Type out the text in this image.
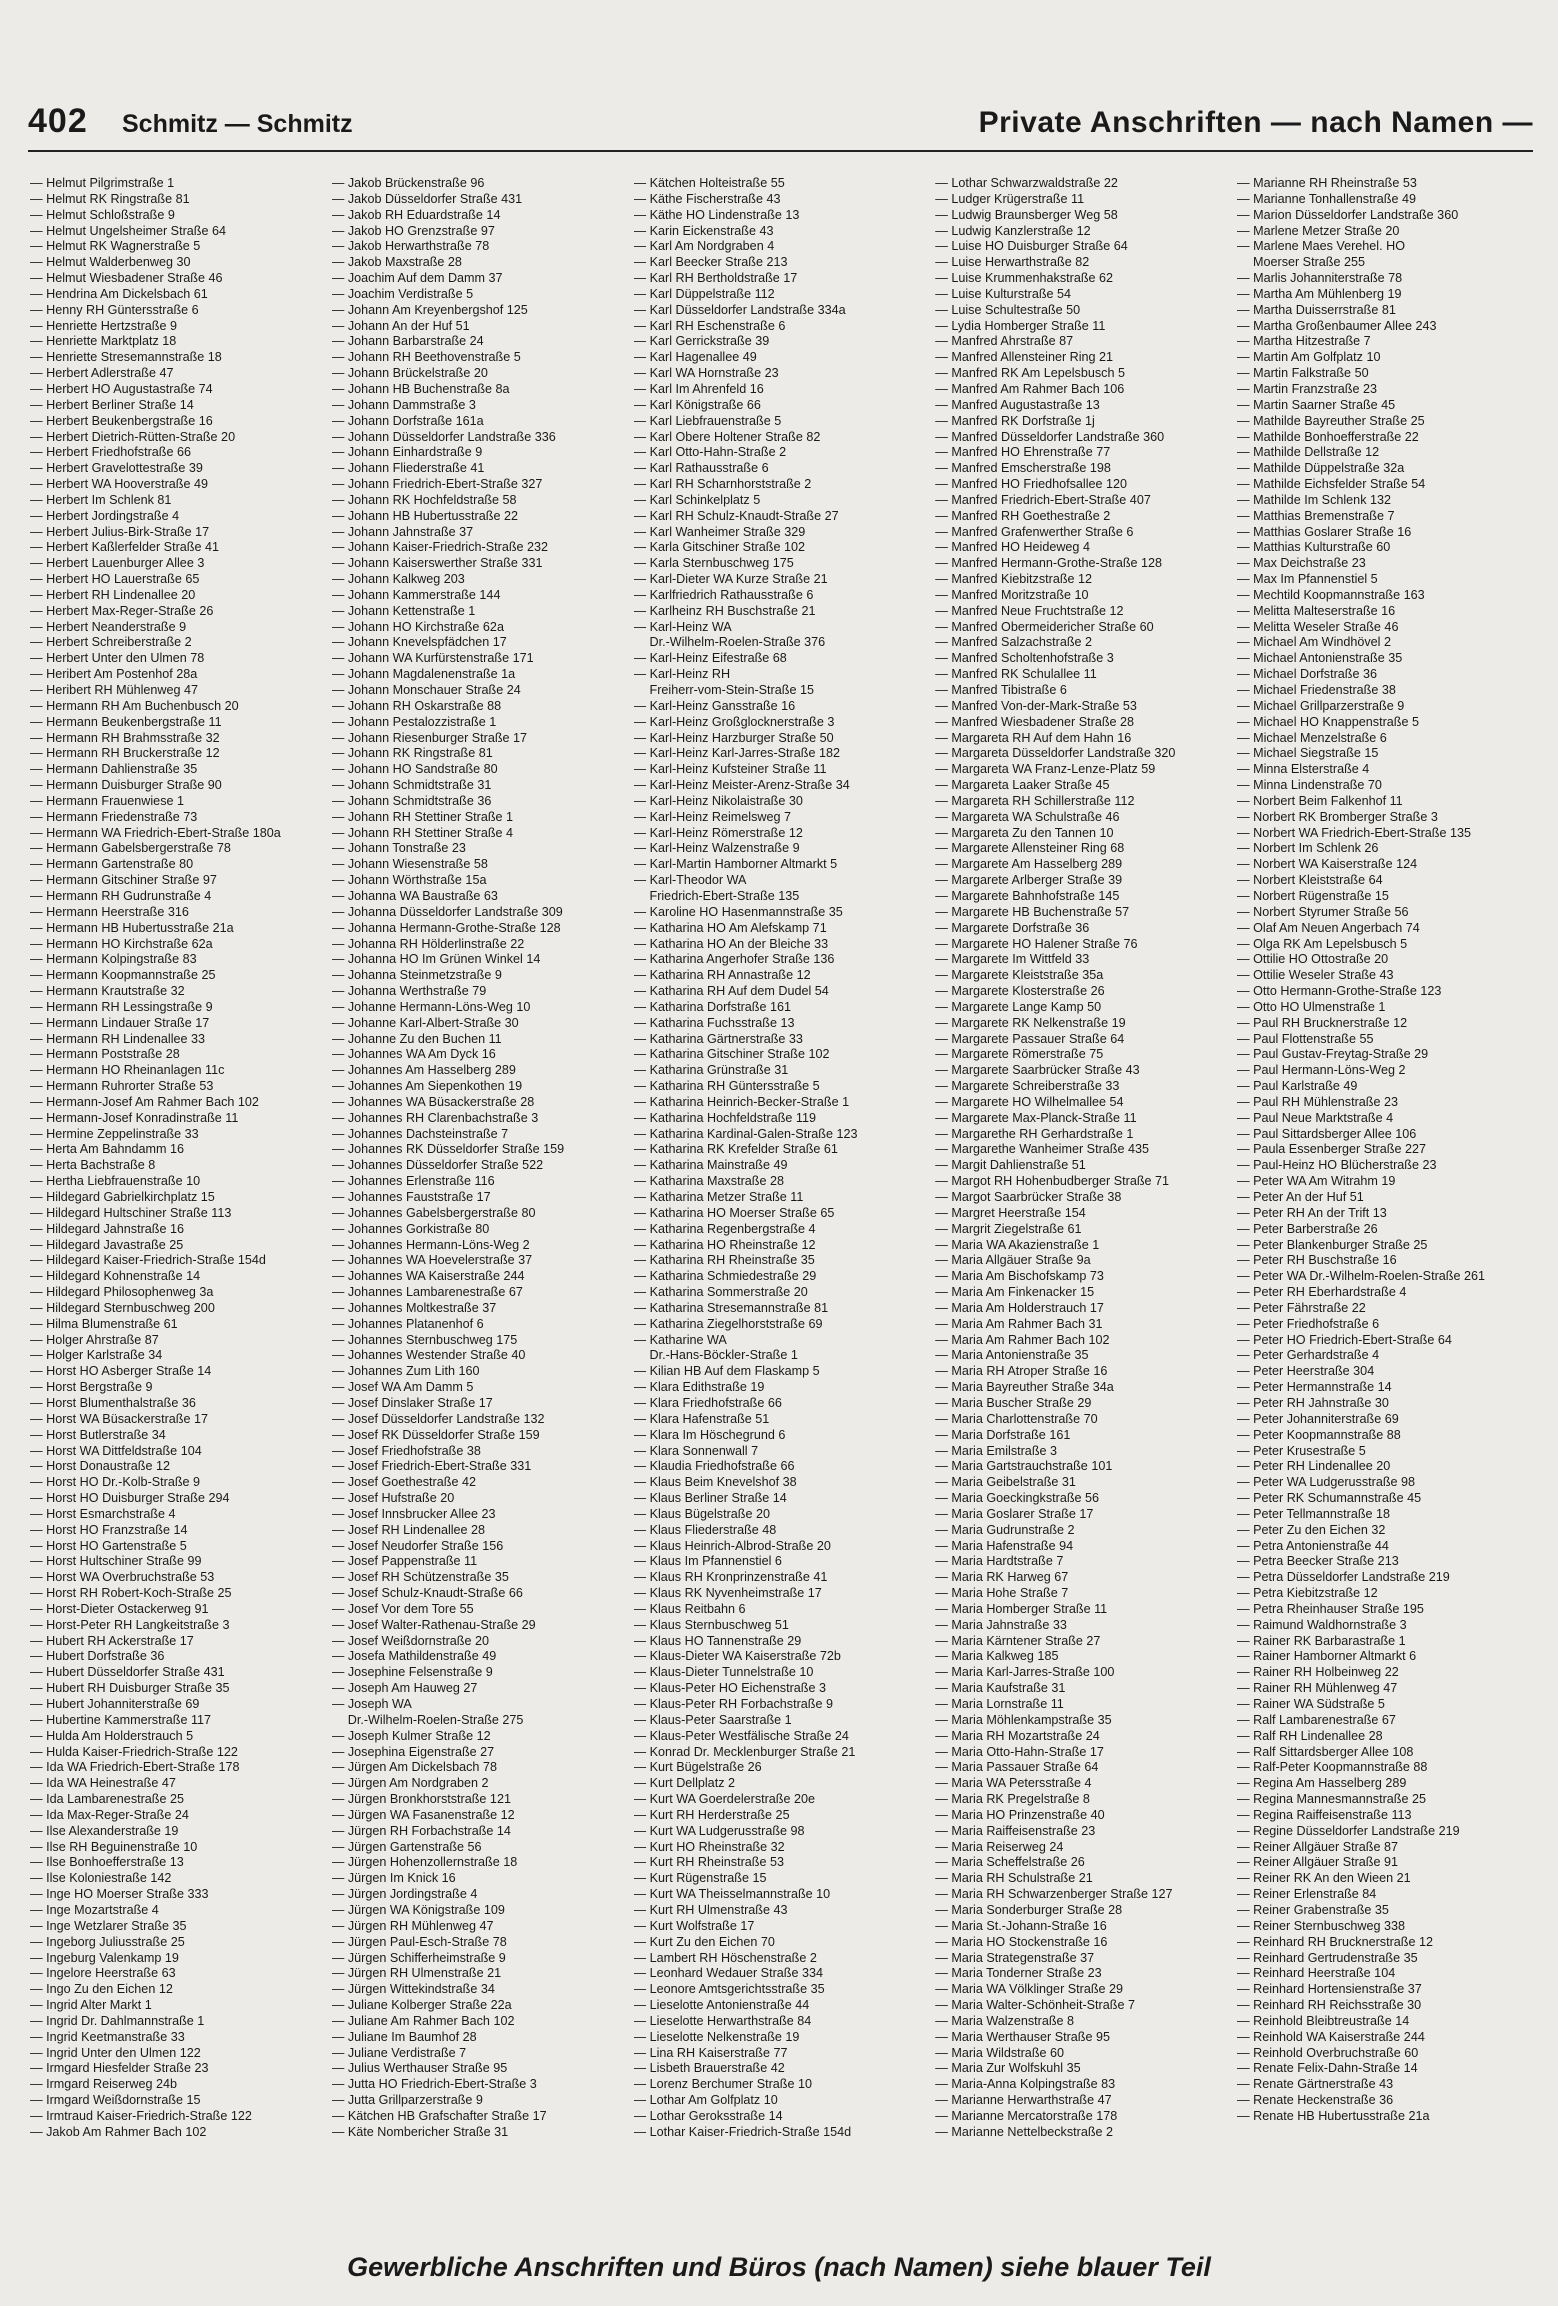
402 Schmitz — Schmitz	Private Anschriften — nach Namen —
— Helmut Pilgrimstraße 1
— Helmut RK Ringstraße 81
— Helmut Schloßstraße 9
— Helmut Ungelsheimer Straße 64
— Helmut RK Wagnerstraße 5
— Helmut Walderbenweg 30
— Helmut Wiesbadener Straße 46
— Hendrina Am Dickelsbach 61
— Henny RH Güntersstraße 6
— Henriette Hertzstraße 9
— Henriette Marktplatz 18
— Henriette Stresemannstraße 18
— Herbert Adlerstraße 47
— Herbert HO Augustastraße 74
— Herbert Berliner Straße 14
— Herbert Beukenbergstraße 16
— Herbert Dietrich-Rütten-Straße 20
— Herbert Friedhofstraße 66
— Herbert Gravelottestraße 39
— Herbert WA Hooverstraße 49
— Herbert Im Schlenk 81
— Herbert Jordingstraße 4
— Herbert Julius-Birk-Straße 17
— Herbert Kaßlerfelder Straße 41
— Herbert Lauenburger Allee 3
— Herbert HO Lauerstraße 65
— Herbert RH Lindenallee 20
— Herbert Max-Reger-Straße 26
— Herbert Neanderstraße 9
— Herbert Schreiberstraße 2
— Herbert Unter den Ulmen 78
— Heribert Am Postenhof 28a
— Heribert RH Mühlenweg 47
— Hermann RH Am Buchenbusch 20
— Hermann Beukenbergstraße 11
— Hermann RH Brahmsstraße 32
— Hermann RH Bruckerstraße 12
— Hermann Dahlienstraße 35
— Hermann Duisburger Straße 90
— Hermann Frauenwiese 1
— Hermann Friedenstraße 73
— Hermann WA Friedrich-Ebert-Straße 180a
— Hermann Gabelsbergerstraße 78
— Hermann Gartenstraße 80
— Hermann Gitschiner Straße 97
— Hermann RH Gudrunstraße 4
— Hermann Heerstraße 316
— Hermann HB Hubertusstraße 21a
— Hermann HO Kirchstraße 62a
— Hermann Kolpingstraße 83
— Hermann Koopmannstraße 25
— Hermann Krautstraße 32
— Hermann RH Lessingstraße 9
— Hermann Lindauer Straße 17
— Hermann RH Lindenallee 33
— Hermann Poststraße 28
— Hermann HO Rheinanlagen 11c
— Hermann Ruhrorter Straße 53
— Hermann-Josef Am Rahmer Bach 102
— Hermann-Josef Konradinstraße 11
— Hermine Zeppelinstraße 33
— Herta Am Bahndamm 16
— Herta Bachstraße 8
— Hertha Liebfrauenstraße 10
— Hildegard Gabrielkirchplatz 15
— Hildegard Hultschiner Straße 113
— Hildegard Jahnstraße 16
— Hildegard Javastraße 25
— Hildegard Kaiser-Friedrich-Straße 154d
— Hildegard Kohnenstraße 14
— Hildegard Philosophenweg 3a
— Hildegard Sternbuschweg 200
— Hilma Blumenstraße 61
— Holger Ahrstraße 87
— Holger Karlstraße 34
— Horst HO Asberger Straße 14
— Horst Bergstraße 9
— Horst Blumenthalstraße 36
— Horst WA Büsackerstraße 17
— Horst Butlerstraße 34
— Horst WA Dittfeldstraße 104
— Horst Donaustraße 12
— Horst HO Dr.-Kolb-Straße 9
— Horst HO Duisburger Straße 294
— Horst Esmarchstraße 4
— Horst HO Franzstraße 14
— Horst HO Gartenstraße 5
— Horst Hultschiner Straße 99
— Horst WA Overbruchstraße 53
— Horst RH Robert-Koch-Straße 25
— Horst-Dieter Ostackerweg 91
— Horst-Peter RH Langkeitstraße 3
— Hubert RH Ackerstraße 17
— Hubert Dorfstraße 36
— Hubert Düsseldorfer Straße 431
— Hubert RH Duisburger Straße 35
— Hubert Johanniterstraße 69
— Hubertine Kammerstraße 117
— Hulda Am Holderstrauch 5
— Hulda Kaiser-Friedrich-Straße 122
— Ida WA Friedrich-Ebert-Straße 178
— Ida WA Heinestraße 47
— Ida Lambarenestraße 25
— Ida Max-Reger-Straße 24
— Ilse Alexanderstraße 19
— Ilse RH Beguinenstraße 10
— Ilse Bonhoefferstraße 13
— Ilse Koloniestraße 142
— Inge HO Moerser Straße 333
— Inge Mozartstraße 4
— Inge Wetzlarer Straße 35
— Ingeborg Juliusstraße 25
— Ingeburg Valenkamp 19
— Ingelore Heerstraße 63
— Ingo Zu den Eichen 12
— Ingrid Alter Markt 1
— Ingrid Dr. Dahlmannstraße 1
— Ingrid Keetmanstraße 33
— Ingrid Unter den Ulmen 122
— Irmgard Hiesfelder Straße 23
— Irmgard Reiserweg 24b
— Irmgard Weißdornstraße 15
— Irmtraud Kaiser-Friedrich-Straße 122
— Jakob Am Rahmer Bach 102
— Jakob Brückenstraße 96
— Jakob Düsseldorfer Straße 431
— Jakob RH Eduardstraße 14
— Jakob HO Grenzstraße 97
— Jakob Herwarthstraße 78
— Jakob Maxstraße 28
— Joachim Auf dem Damm 37
— Joachim Verdistraße 5
— Johann Am Kreyenbergshof 125
— Johann An der Huf 51
— Johann Barbarstraße 24
— Johann RH Beethovenstraße 5
— Johann Brückelstraße 20
— Johann HB Buchenstraße 8a
— Johann Dammstraße 3
— Johann Dorfstraße 161a
— Johann Düsseldorfer Landstraße 336
— Johann Einhardstraße 9
— Johann Fliederstraße 41
— Johann Friedrich-Ebert-Straße 327
— Johann RK Hochfeldstraße 58
— Johann HB Hubertusstraße 22
— Johann Jahnstraße 37
— Johann Kaiser-Friedrich-Straße 232
— Johann Kaiserswerther Straße 331
— Johann Kalkweg 203
— Johann Kammerstraße 144
— Johann Kettenstraße 1
— Johann HO Kirchstraße 62a
— Johann Knevelspfädchen 17
— Johann WA Kurfürstenstraße 171
— Johann Magdalenenstraße 1a
— Johann Monschauer Straße 24
— Johann RH Oskarstraße 88
— Johann Pestalozzistraße 1
— Johann Riesenburger Straße 17
— Johann RK Ringstraße 81
— Johann HO Sandstraße 80
— Johann Schmidtstraße 31
— Johann Schmidtstraße 36
— Johann RH Stettiner Straße 1
— Johann RH Stettiner Straße 4
— Johann Tonstraße 23
— Johann Wiesenstraße 58
— Johann Wörthstraße 15a
— Johanna WA Baustraße 63
— Johanna Düsseldorfer Landstraße 309
— Johanna Hermann-Grothe-Straße 128
— Johanna RH Hölderlinstraße 22
— Johanna HO Im Grünen Winkel 14
— Johanna Steinmetzstraße 9
— Johanna Werthstraße 79
— Johanne Hermann-Löns-Weg 10
— Johanne Karl-Albert-Straße 30
— Johanne Zu den Buchen 11
— Johannes WA Am Dyck 16
— Johannes Am Hasselberg 289
— Johannes Am Siepenkothen 19
— Johannes WA Büsackerstraße 28
— Johannes RH Clarenbachstraße 3
— Johannes Dachsteinstraße 7
— Johannes RK Düsseldorfer Straße 159
— Johannes Düsseldorfer Straße 522
— Johannes Erlenstraße 116
— Johannes Fauststraße 17
— Johannes Gabelsbergerstraße 80
— Johannes Gorkistraße 80
— Johannes Hermann-Löns-Weg 2
— Johannes WA Hoevelerstraße 37
— Johannes WA Kaiserstraße 244
— Johannes Lambarenestraße 67
— Johannes Moltkestraße 37
— Johannes Platanenhof 6
— Johannes Sternbuschweg 175
— Johannes Westender Straße 40
— Johannes Zum Lith 160
— Josef WA Am Damm 5
— Josef Dinslaker Straße 17
— Josef Düsseldorfer Landstraße 132
— Josef RK Düsseldorfer Straße 159
— Josef Friedhofstraße 38
— Josef Friedrich-Ebert-Straße 331
— Josef Goethestraße 42
— Josef Hufstraße 20
— Josef Innsbrucker Allee 23
— Josef RH Lindenallee 28
— Josef Neudorfer Straße 156
— Josef Pappenstraße 11
— Josef RH Schützenstraße 35
— Josef Schulz-Knaudt-Straße 66
— Josef Vor dem Tore 55
— Josef Walter-Rathenau-Straße 29
— Josef Weißdornstraße 20
— Josefa Mathildenstraße 49
— Josephine Felsenstraße 9
— Joseph Am Hauweg 27
— Joseph WA
Dr.-Wilhelm-Roelen-Straße 275
— Joseph Kulmer Straße 12
— Josephina Eigenstraße 27
— Jürgen Am Dickelsbach 78
— Jürgen Am Nordgraben 2
— Jürgen Bronkhorststraße 121
— Jürgen WA Fasanenstraße 12
— Jürgen RH Forbachstraße 14
— Jürgen Gartenstraße 56
— Jürgen Hohenzollernstraße 18
— Jürgen Im Knick 16
— Jürgen Jordingstraße 4
— Jürgen WA Königstraße 109
— Jürgen RH Mühlenweg 47
— Jürgen Paul-Esch-Straße 78
— Jürgen Schifferheimstraße 9
— Jürgen RH Ulmenstraße 21
— Jürgen Wittekindstraße 34
— Juliane Kolberger Straße 22a
— Juliane Am Rahmer Bach 102
— Juliane Im Baumhof 28
— Juliane Verdistraße 7
— Julius Werthauser Straße 95
— Jutta HO Friedrich-Ebert-Straße 3
— Jutta Grillparzerstraße 9
— Kätchen HB Grafschafter Straße 17
— Käte Nombericher Straße 31
— Kätchen Holteistraße 55
— Käthe Fischerstraße 43
— Käthe HO Lindenstraße 13
— Karin Eickenstraße 43
— Karl Am Nordgraben 4
— Karl Beecker Straße 213
— Karl RH Bertholdstraße 17
— Karl Düppelstraße 112
— Karl Düsseldorfer Landstraße 334a
— Karl RH Eschenstraße 6
— Karl Gerrickstraße 39
— Karl Hagenallee 49
— Karl WA Hornstraße 23
— Karl Im Ahrenfeld 16
— Karl Königstraße 66
— Karl Liebfrauenstraße 5
— Karl Obere Holtener Straße 82
— Karl Otto-Hahn-Straße 2
— Karl Rathausstraße 6
— Karl RH Scharnhorststraße 2
— Karl Schinkelplatz 5
— Karl RH Schulz-Knaudt-Straße 27
— Karl Wanheimer Straße 329
— Karla Gitschiner Straße 102
— Karla Sternbuschweg 175
— Karl-Dieter WA Kurze Straße 21
— Karlfriedrich Rathausstraße 6
— Karlheinz RH Buschstraße 21
— Karl-Heinz WA
Dr.-Wilhelm-Roelen-Straße 376
— Karl-Heinz Eifestraße 68
— Karl-Heinz RH
Freiherr-vom-Stein-Straße 15
— Karl-Heinz Gansstraße 16
— Karl-Heinz Großglocknerstraße 3
— Karl-Heinz Harzburger Straße 50
— Karl-Heinz Karl-Jarres-Straße 182
— Karl-Heinz Kufsteiner Straße 11
— Karl-Heinz Meister-Arenz-Straße 34
— Karl-Heinz Nikolaistraße 30
— Karl-Heinz Reimelsweg 7
— Karl-Heinz Römerstraße 12
— Karl-Heinz Walzenstraße 9
— Karl-Martin Hamborner Altmarkt 5
— Karl-Theodor WA
Friedrich-Ebert-Straße 135
— Karoline HO Hasenmannstraße 35
— Katharina HO Am Alefskamp 71
— Katharina HO An der Bleiche 33
— Katharina Angerhofer Straße 136
— Katharina RH Annastraße 12
— Katharina RH Auf dem Dudel 54
— Katharina Dorfstraße 161
— Katharina Fuchsstraße 13
— Katharina Gärtnerstraße 33
— Katharina Gitschiner Straße 102
— Katharina Grünstraße 31
— Katharina RH Güntersstraße 5
— Katharina Heinrich-Becker-Straße 1
— Katharina Hochfeldstraße 119
— Katharina Kardinal-Galen-Straße 123
— Katharina RK Krefelder Straße 61
— Katharina Mainstraße 49
— Katharina Maxstraße 28
— Katharina Metzer Straße 11
— Katharina HO Moerser Straße 65
— Katharina Regenbergstraße 4
— Katharina HO Rheinstraße 12
— Katharina RH Rheinstraße 35
— Katharina Schmiedestraße 29
— Katharina Sommerstraße 20
— Katharina Stresemannstraße 81
— Katharina Ziegelhorststraße 69
— Katharine WA
Dr.-Hans-Böckler-Straße 1
— Kilian HB Auf dem Flaskamp 5
— Klara Edithstraße 19
— Klara Friedhofstraße 66
— Klara Hafenstraße 51
— Klara Im Höschegrund 6
— Klara Sonnenwall 7
— Klaudia Friedhofstraße 66
— Klaus Beim Knevelshof 38
— Klaus Berliner Straße 14
— Klaus Bügelstraße 20
— Klaus Fliederstraße 48
— Klaus Heinrich-Albrod-Straße 20
— Klaus Im Pfannenstiel 6
— Klaus RH Kronprinzenstraße 41
— Klaus RK Nyvenheimstraße 17
— Klaus Reitbahn 6
— Klaus Sternbuschweg 51
— Klaus HO Tannenstraße 29
— Klaus-Dieter WA Kaiserstraße 72b
— Klaus-Dieter Tunnelstraße 10
— Klaus-Peter HO Eichenstraße 3
— Klaus-Peter RH Forbachstraße 9
— Klaus-Peter Saarstraße 1
— Klaus-Peter Westfälische Straße 24
— Konrad Dr. Mecklenburger Straße 21
— Kurt Bügelstraße 26
— Kurt Dellplatz 2
— Kurt WA Goerdelerstraße 20e
— Kurt RH Herderstraße 25
— Kurt WA Ludgerusstraße 98
— Kurt HO Rheinstraße 32
— Kurt RH Rheinstraße 53
— Kurt Rügenstraße 15
— Kurt WA Theisselmannstraße 10
— Kurt RH Ulmenstraße 43
— Kurt Wolfstraße 17
— Kurt Zu den Eichen 70
— Lambert RH Höschenstraße 2
— Leonhard Wedauer Straße 334
— Leonore Amtsgerichtsstraße 35
— Lieselotte Antonienstraße 44
— Lieselotte Herwarthstraße 84
— Lieselotte Nelkenstraße 19
— Lina RH Kaiserstraße 77
— Lisbeth Brauerstraße 42
— Lorenz Berchumer Straße 10
— Lothar Am Golfplatz 10
— Lothar Geroksstraße 14
— Lothar Kaiser-Friedrich-Straße 154d
— Lothar Schwarzwaldstraße 22
— Ludger Krügerstraße 11
— Ludwig Braunsberger Weg 58
— Ludwig Kanzlerstraße 12
— Luise HO Duisburger Straße 64
— Luise Herwarthstraße 82
— Luise Krummenhakstraße 62
— Luise Kulturstraße 54
— Luise Schultestraße 50
— Lydia Homberger Straße 11
— Manfred Ahrstraße 87
— Manfred Allensteiner Ring 21
— Manfred RK Am Lepelsbusch 5
— Manfred Am Rahmer Bach 106
— Manfred Augustastraße 13
— Manfred RK Dorfstraße 1j
— Manfred Düsseldorfer Landstraße 360
— Manfred HO Ehrenstraße 77
— Manfred Emscherstraße 198
— Manfred HO Friedhofsallee 120
— Manfred Friedrich-Ebert-Straße 407
— Manfred RH Goethestraße 2
— Manfred Grafenwerther Straße 6
— Manfred HO Heideweg 4
— Manfred Hermann-Grothe-Straße 128
— Manfred Kiebitzstraße 12
— Manfred Moritzstraße 10
— Manfred Neue Fruchtstraße 12
— Manfred Obermeidericher Straße 60
— Manfred Salzachstraße 2
— Manfred Scholtenhofstraße 3
— Manfred RK Schulallee 11
— Manfred Tibistraße 6
— Manfred Von-der-Mark-Straße 53
— Manfred Wiesbadener Straße 28
— Margareta RH Auf dem Hahn 16
— Margareta Düsseldorfer Landstraße 320
— Margareta WA Franz-Lenze-Platz 59
— Margareta Laaker Straße 45
— Margareta RH Schillerstraße 112
— Margareta WA Schulstraße 46
— Margareta Zu den Tannen 10
— Margarete Allensteiner Ring 68
— Margarete Am Hasselberg 289
— Margarete Arlberger Straße 39
— Margarete Bahnhofstraße 145
— Margarete HB Buchenstraße 57
— Margarete Dorfstraße 36
— Margarete HO Halener Straße 76
— Margarete Im Wittfeld 33
— Margarete Kleiststraße 35a
— Margarete Klosterstraße 26
— Margarete Lange Kamp 50
— Margarete RK Nelkenstraße 19
— Margarete Passauer Straße 64
— Margarete Römerstraße 75
— Margarete Saarbrücker Straße 43
— Margarete Schreiberstraße 33
— Margarete HO Wilhelmallee 54
— Margarete Max-Planck-Straße 11
— Margarethe RH Gerhardstraße 1
— Margarethe Wanheimer Straße 435
— Margit Dahlienstraße 51
— Margot RH Hohenbudberger Straße 71
— Margot Saarbrücker Straße 38
— Margret Heerstraße 154
— Margrit Ziegelstraße 61
— Maria WA Akazienstraße 1
— Maria Allgäuer Straße 9a
— Maria Am Bischofskamp 73
— Maria Am Finkenacker 15
— Maria Am Holderstrauch 17
— Maria Am Rahmer Bach 31
— Maria Am Rahmer Bach 102
— Maria Antonienstraße 35
— Maria RH Atroper Straße 16
— Maria Bayreuther Straße 34a
— Maria Buscher Straße 29
— Maria Charlottenstraße 70
— Maria Dorfstraße 161
— Maria Emilstraße 3
— Maria Gartstrauchstraße 101
— Maria Geibelstraße 31
— Maria Goeckingkstraße 56
— Maria Goslarer Straße 17
— Maria Gudrunstraße 2
— Maria Hafenstraße 94
— Maria Hardtstraße 7
— Maria RK Harweg 67
— Maria Hohe Straße 7
— Maria Homberger Straße 11
— Maria Jahnstraße 33
— Maria Kärntener Straße 27
— Maria Kalkweg 185
— Maria Karl-Jarres-Straße 100
— Maria Kaufstraße 31
— Maria Lornstraße 11
— Maria Möhlenkampstraße 35
— Maria RH Mozartstraße 24
— Maria Otto-Hahn-Straße 17
— Maria Passauer Straße 64
— Maria WA Petersstraße 4
— Maria RK Pregelstraße 8
— Maria HO Prinzenstraße 40
— Maria Raiffeisenstraße 23
— Maria Reiserweg 24
— Maria Scheffelstraße 26
— Maria RH Schulstraße 21
— Maria RH Schwarzenberger Straße 127
— Maria Sonderburger Straße 28
— Maria St.-Johann-Straße 16
— Maria HO Stockenstraße 16
— Maria Strategenstraße 37
— Maria Tonderner Straße 23
— Maria WA Völklinger Straße 29
— Maria Walter-Schönheit-Straße 7
— Maria Walzenstraße 8
— Maria Werthauser Straße 95
— Maria Wildstraße 60
— Maria Zur Wolfskuhl 35
— Maria-Anna Kolpingstraße 83
— Marianne Herwarthstraße 47
— Marianne Mercatorstraße 178
— Marianne Nettelbeckstraße 2
— Marianne RH Rheinstraße 53
— Marianne Tonhallenstraße 49
— Marion Düsseldorfer Landstraße 360
— Marlene Metzer Straße 20
— Marlene Maes Verehel. HO
Moerser Straße 255
— Marlis Johanniterstraße 78
— Martha Am Mühlenberg 19
— Martha Duisserrstraße 81
— Martha Großenbaumer Allee 243
— Martha Hitzestraße 7
— Martin Am Golfplatz 10
— Martin Falkstraße 50
— Martin Franzstraße 23
— Martin Saarner Straße 45
— Mathilde Bayreuther Straße 25
— Mathilde Bonhoefferstraße 22
— Mathilde Dellstraße 12
— Mathilde Düppelstraße 32a
— Mathilde Eichsfelder Straße 54
— Mathilde Im Schlenk 132
— Matthias Bremenstraße 7
— Matthias Goslarer Straße 16
— Matthias Kulturstraße 60
— Max Deichstraße 23
— Max Im Pfannenstiel 5
— Mechtild Koopmannstraße 163
— Melitta Malteserstraße 16
— Melitta Weseler Straße 46
— Michael Am Windhövel 2
— Michael Antonienstraße 35
— Michael Dorfstraße 36
— Michael Friedenstraße 38
— Michael Grillparzerstraße 9
— Michael HO Knappenstraße 5
— Michael Menzelstraße 6
— Michael Siegstraße 15
— Minna Elsterstraße 4
— Minna Lindenstraße 70
— Norbert Beim Falkenhof 11
— Norbert RK Bromberger Straße 3
— Norbert WA Friedrich-Ebert-Straße 135
— Norbert Im Schlenk 26
— Norbert WA Kaiserstraße 124
— Norbert Kleiststraße 64
— Norbert Rügenstraße 15
— Norbert Styrumer Straße 56
— Olaf Am Neuen Angerbach 74
— Olga RK Am Lepelsbusch 5
— Ottilie HO Ottostraße 20
— Ottilie Weseler Straße 43
— Otto Hermann-Grothe-Straße 123
— Otto HO Ulmenstraße 1
— Paul RH Brucknerstraße 12
— Paul Flottenstraße 55
— Paul Gustav-Freytag-Straße 29
— Paul Hermann-Löns-Weg 2
— Paul Karlstraße 49
— Paul RH Mühlenstraße 23
— Paul Neue Marktstraße 4
— Paul Sittardsberger Allee 106
— Paula Essenberger Straße 227
— Paul-Heinz HO Blücherstraße 23
— Peter WA Am Witrahm 19
— Peter An der Huf 51
— Peter RH An der Trift 13
— Peter Barberstraße 26
— Peter Blankenburger Straße 25
— Peter RH Buschstraße 16
— Peter WA Dr.-Wilhelm-Roelen-Straße 261
— Peter RH Eberhardstraße 4
— Peter Fährstraße 22
— Peter Friedhofstraße 6
— Peter HO Friedrich-Ebert-Straße 64
— Peter Gerhardstraße 4
— Peter Heerstraße 304
— Peter Hermannstraße 14
— Peter RH Jahnstraße 30
— Peter Johanniterstraße 69
— Peter Koopmannstraße 88
— Peter Krusestraße 5
— Peter RH Lindenallee 20
— Peter WA Ludgerusstraße 98
— Peter RK Schumannstraße 45
— Peter Tellmannstraße 18
— Peter Zu den Eichen 32
— Petra Antonienstraße 44
— Petra Beecker Straße 213
— Petra Düsseldorfer Landstraße 219
— Petra Kiebitzstraße 12
— Petra Rheinhauser Straße 195
— Raimund Waldhornstraße 3
— Rainer RK Barbarastraße 1
— Rainer Hamborner Altmarkt 6
— Rainer RH Holbeinweg 22
— Rainer RH Mühlenweg 47
— Rainer WA Südstraße 5
— Ralf Lambarenestraße 67
— Ralf RH Lindenallee 28
— Ralf Sittardsberger Allee 108
— Ralf-Peter Koopmannstraße 88
— Regina Am Hasselberg 289
— Regina Mannesmannstraße 25
— Regina Raiffeisenstraße 113
— Regine Düsseldorfer Landstraße 219
— Reiner Allgäuer Straße 87
— Reiner Allgäuer Straße 91
— Reiner RK An den Wieen 21
— Reiner Erlenstraße 84
— Reiner Grabenstraße 35
— Reiner Sternbuschweg 338
— Reinhard RH Brucknerstraße 12
— Reinhard Gertrudenstraße 35
— Reinhard Heerstraße 104
— Reinhard Hortensienstraße 37
— Reinhard RH Reichsstraße 30
— Reinhold Bleibtreustraße 14
— Reinhold WA Kaiserstraße 244
— Reinhold Overbruchstraße 60
— Renate Felix-Dahn-Straße 14
— Renate Gärtnerstraße 43
— Renate Heckenstraße 36
— Renate HB Hubertusstraße 21a
Gewerbliche Anschriften und Büros (nach Namen) siehe blauer Teil
